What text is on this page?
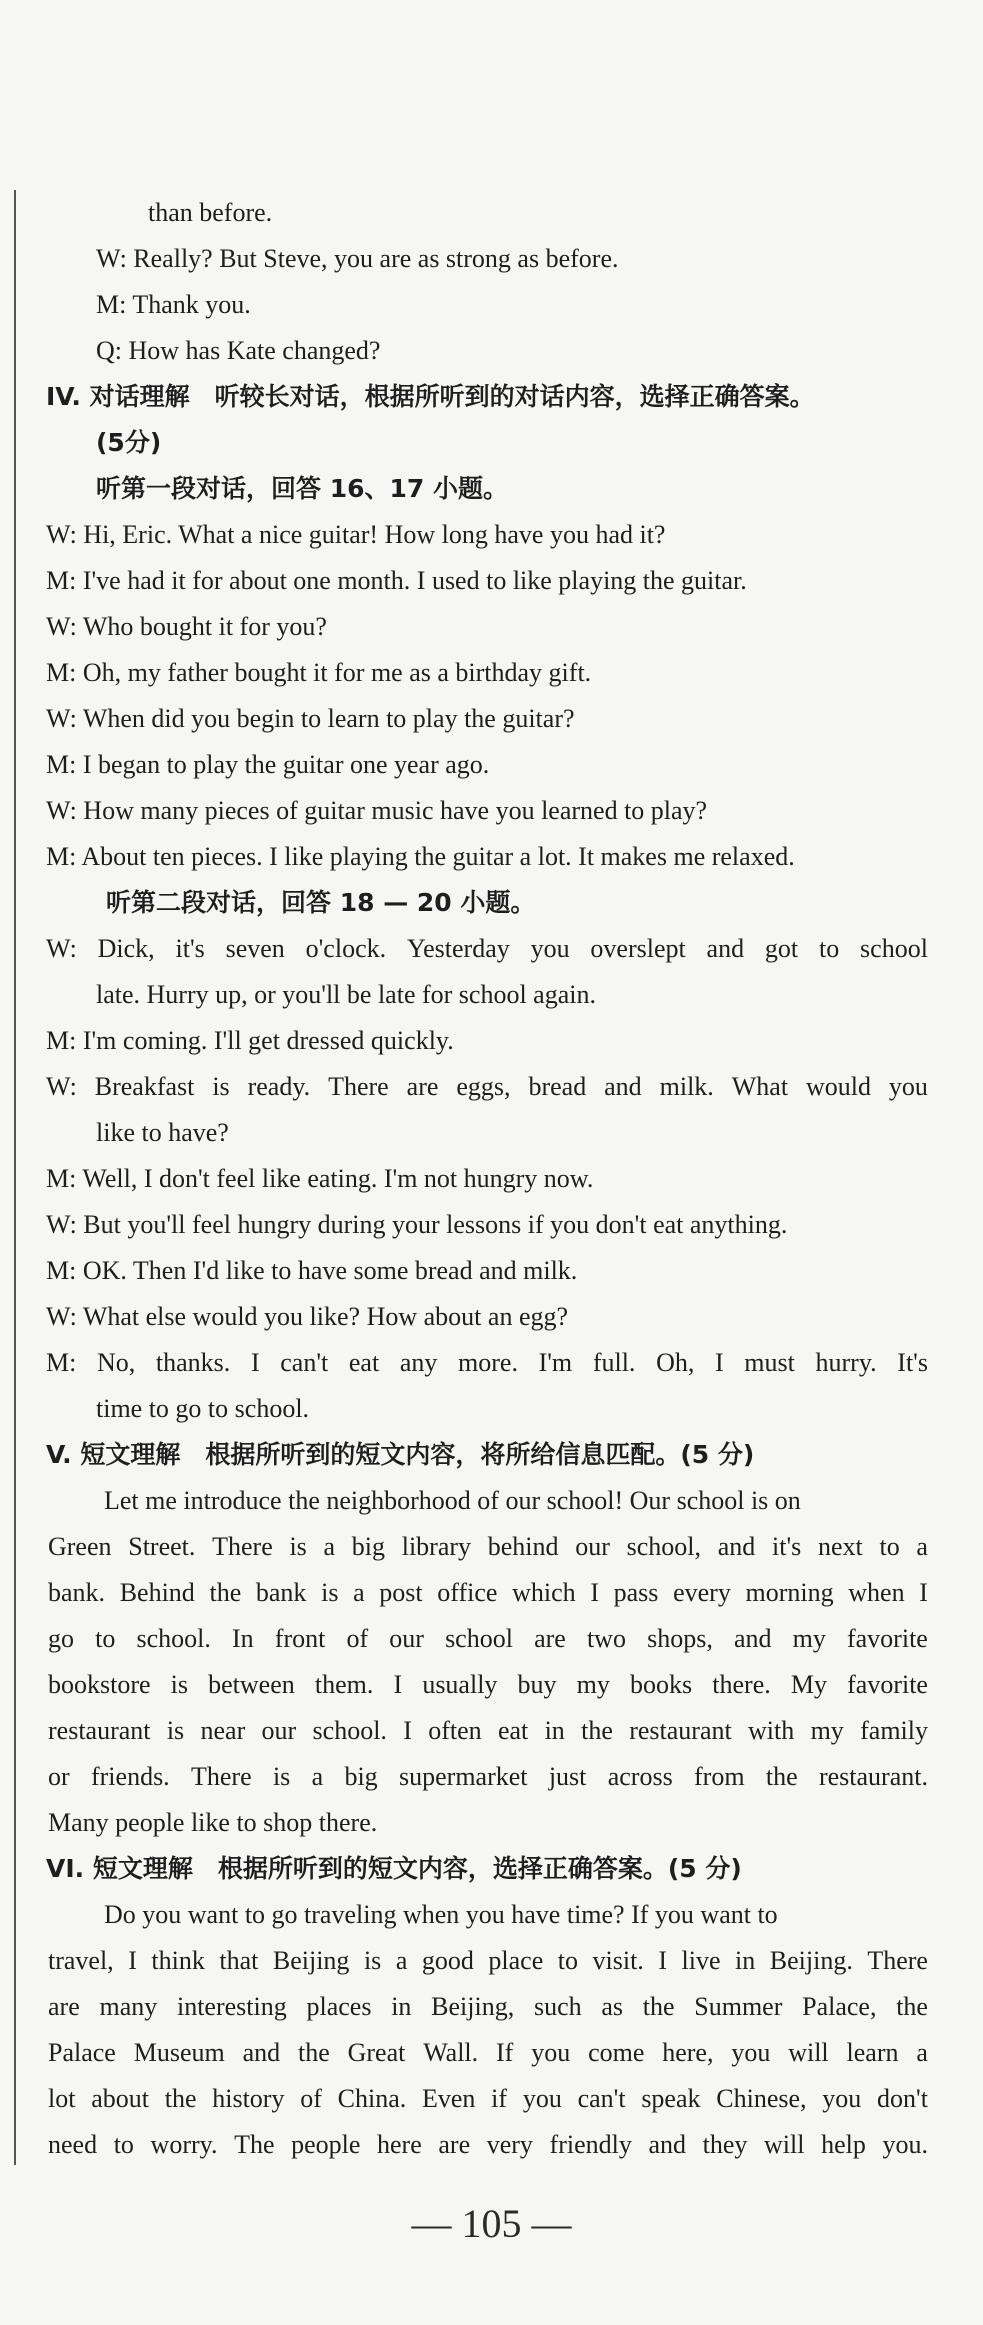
than before.
W: Really? But Steve, you are as strong as before.
M: Thank you.
Q: How has Kate changed?
IV. 对话理解　听较长对话，根据所听到的对话内容，选择正确答案。
(5分)
听第一段对话，回答 16、17 小题。
W: Hi, Eric. What a nice guitar! How long have you had it?
M: I've had it for about one month. I used to like playing the guitar.
W: Who bought it for you?
M: Oh, my father bought it for me as a birthday gift.
W: When did you begin to learn to play the guitar?
M: I began to play the guitar one year ago.
W: How many pieces of guitar music have you learned to play?
M: About ten pieces. I like playing the guitar a lot. It makes me relaxed.
听第二段对话，回答 18 — 20 小题。
W: Dick, it's seven o'clock. Yesterday you overslept and got to school
late. Hurry up, or you'll be late for school again.
M: I'm coming. I'll get dressed quickly.
W: Breakfast is ready. There are eggs, bread and milk. What would you
like to have?
M: Well, I don't feel like eating. I'm not hungry now.
W: But you'll feel hungry during your lessons if you don't eat anything.
M: OK. Then I'd like to have some bread and milk.
W: What else would you like? How about an egg?
M: No, thanks. I can't eat any more. I'm full. Oh, I must hurry. It's
time to go to school.
V. 短文理解　根据所听到的短文内容，将所给信息匹配。(5 分)
Let me introduce the neighborhood of our school! Our school is on
Green Street. There is a big library behind our school, and it's next to a
bank. Behind the bank is a post office which I pass every morning when I
go to school. In front of our school are two shops, and my favorite
bookstore is between them. I usually buy my books there. My favorite
restaurant is near our school. I often eat in the restaurant with my family
or friends. There is a big supermarket just across from the restaurant.
Many people like to shop there.
VI. 短文理解　根据所听到的短文内容，选择正确答案。(5 分)
Do you want to go traveling when you have time? If you want to
travel, I think that Beijing is a good place to visit. I live in Beijing. There
are many interesting places in Beijing, such as the Summer Palace, the
Palace Museum and the Great Wall. If you come here, you will learn a
lot about the history of China. Even if you can't speak Chinese, you don't
need to worry. The people here are very friendly and they will help you.
— 105 —
